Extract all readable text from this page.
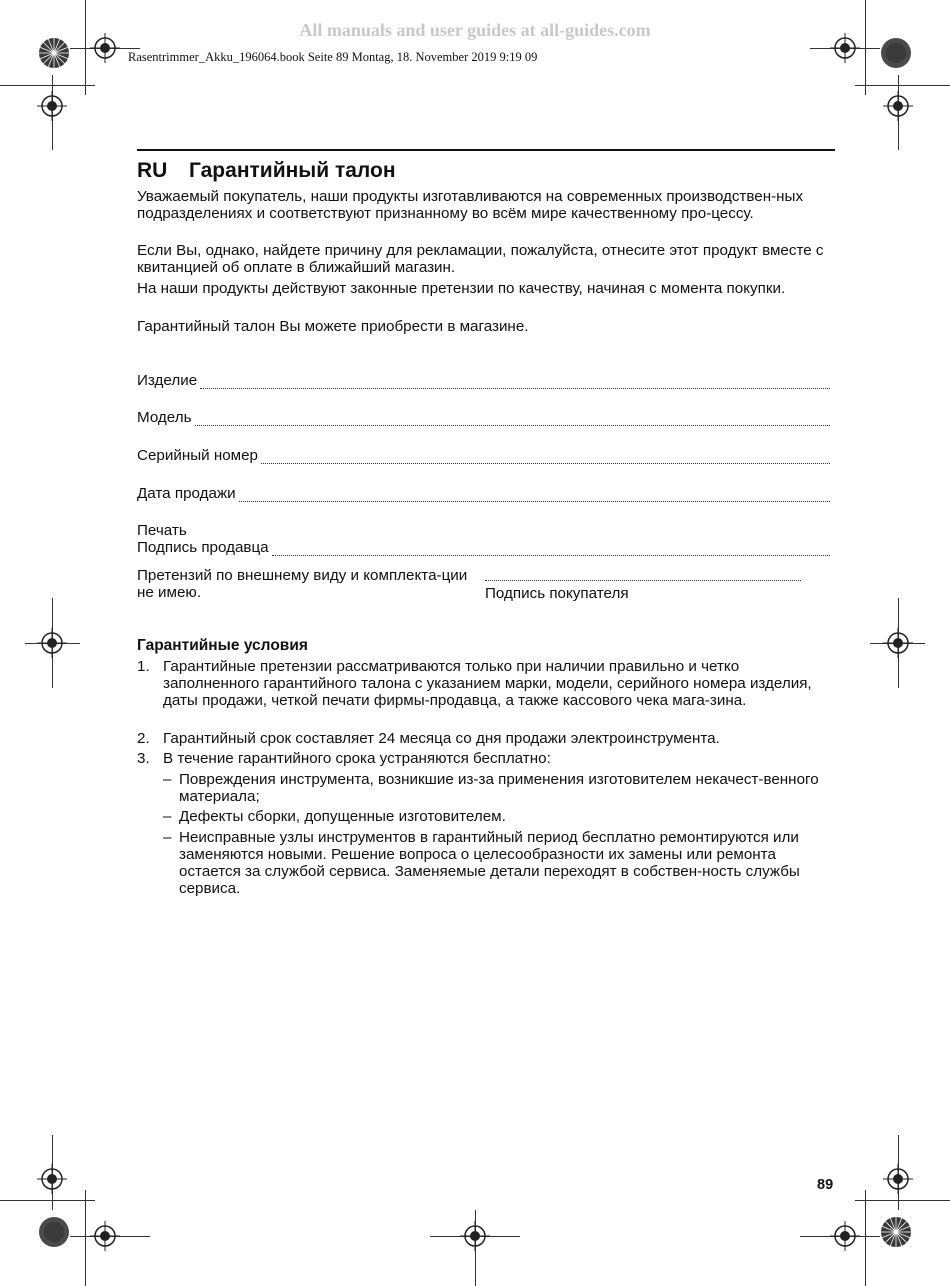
All manuals and user guides at all-guides.com
Rasentrimmer_Akku_196064.book Seite 89 Montag, 18. November 2019 9:19 09
RU Гарантийный талон
Уважаемый покупатель, наши продукты изготавливаются на современных производствен-ных подразделениях и соответствуют признанному во всём мире качественному про-цессу.
Если Вы, однако, найдете причину для рекламации, пожалуйста, отнесите этот продукт вместе с квитанцией об оплате в ближайший магазин.
На наши продукты действуют законные претензии по качеству, начиная с момента покупки.
Гарантийный талон Вы можете приобрести в магазине.
Изделие
Модель
Серийный номер
Дата продажи
Печать
Подпись продавца
Претензий по внешнему виду и комплекта-ции не имею.	Подпись покупателя
Гарантийные условия
1. Гарантийные претензии рассматриваются только при наличии правильно и четко заполненного гарантийного талона с указанием марки, модели, серийного номера изделия, даты продажи, четкой печати фирмы-продавца, а также кассового чека мага-зина.
2. Гарантийный срок составляет 24 месяца со дня продажи электроинструмента.
3. В течение гарантийного срока устраняются бесплатно:
– Повреждения инструмента, возникшие из-за применения изготовителем некачест-венного материала;
– Дефекты сборки, допущенные изготовителем.
– Неисправные узлы инструментов в гарантийный период бесплатно ремонтируются или заменяются новыми. Решение вопроса о целесообразности их замены или ремонта остается за службой сервиса. Заменяемые детали переходят в собствен-ность службы сервиса.
89
